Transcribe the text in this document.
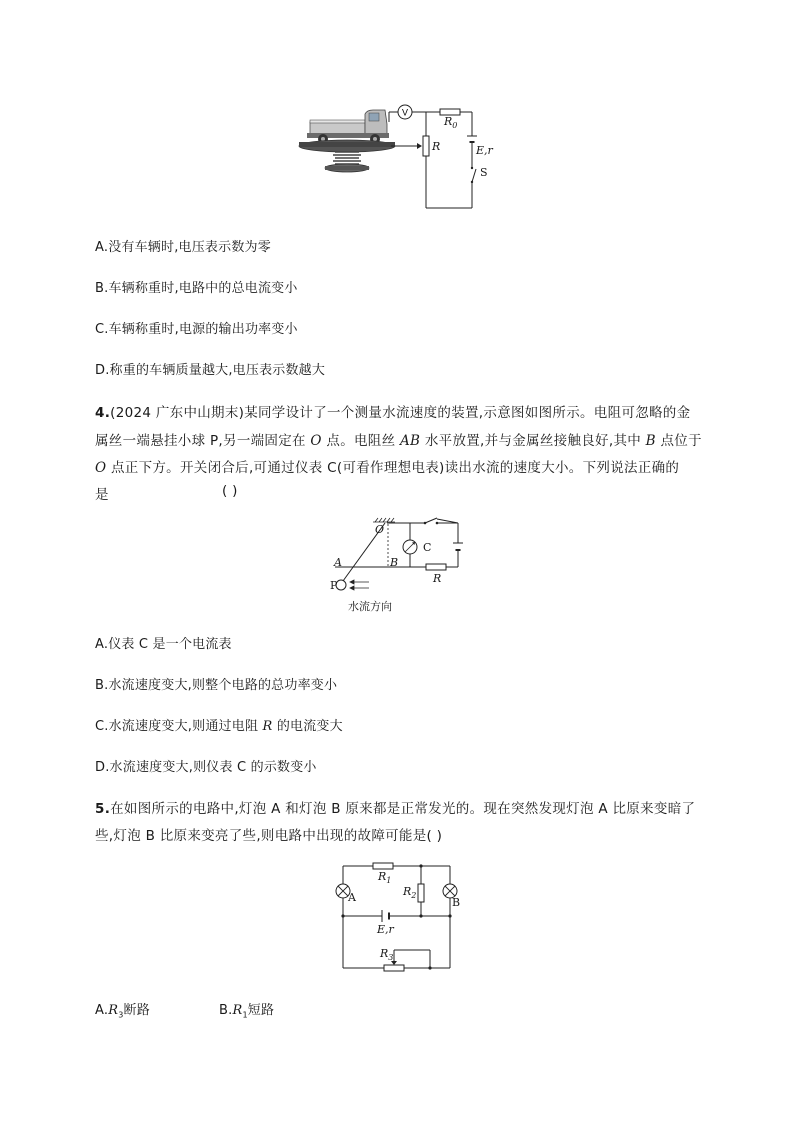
V
$R_0$
R	E,r
S
A.没有车辆时,电压表示数为零
B.车辆称重时,电路中的总电流变小
C.车辆称重时,电源的输出功率变小
D.称重的车辆质量越大,电压表示数越大
4.(2024 广东中山期末)某同学设计了一个测量水流速度的装置,示意图如图所示。电阻可忽略的金
属丝一端悬挂小球 P,另一端固定在 O 点。电阻丝 AB 水平放置,并与金属丝接触良好,其中 B 点位于
O 点正下方。开关闭合后,可通过仪表 C(可看作理想电表)读出水流的速度大小。下列说法正确的
是	( )
O
C
A	B
R
P
水流方向
A.仪表 C 是一个电流表
B.水流速度变大,则整个电路的总功率变小
C.水流速度变大,则通过电阻 R 的电流变大
D.水流速度变大,则仪表 C 的示数变小
5.在如图所示的电路中,灯泡 A 和灯泡 B 原来都是正常发光的。现在突然发现灯泡 A 比原来变暗了
些,灯泡 B 比原来变亮了些,则电路中出现的故障可能是( )
$R_1$
$R_2$
A	B
E,r
$R_3$
$A.R_3$断路	$B.R_1$短路
